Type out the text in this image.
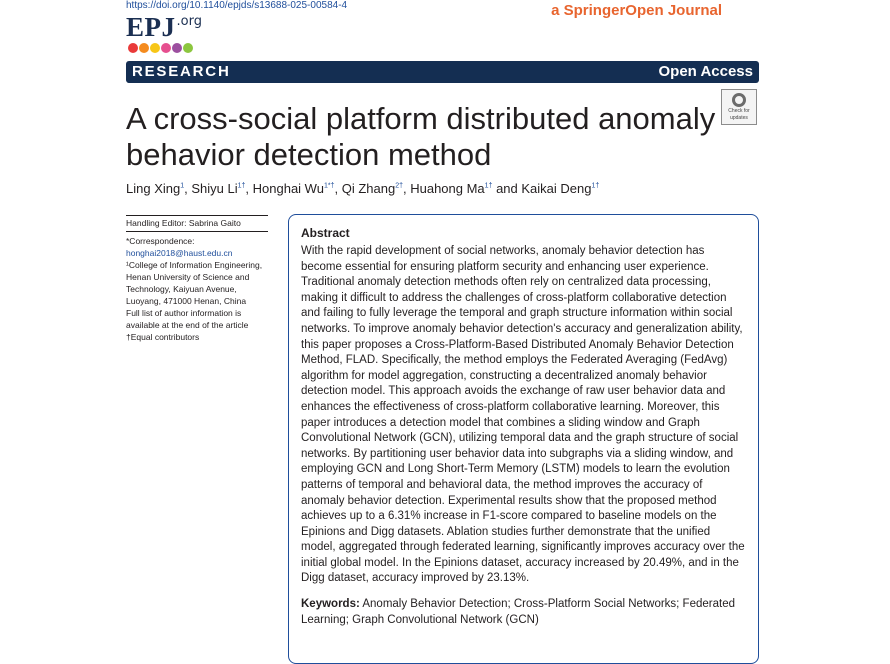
https://doi.org/10.1140/epjds/s13688-025-00584-4
$EPJ^{.org}$
a SpringerOpen Journal
RESEARCH	Open Access
Check for
updates
A cross-social platform distributed anomaly behavior detection method
Ling Xing$^1$, Shiyu $Li^{1\dagger}$, Honghai $Wu^{1*\dagger}$, Qi Zhang$^{2\dagger}$, Huahong $Ma^{1\dagger}$ and Kaikai Deng$^{1\dagger}$
Handling Editor: Sabrina Gaito
*Correspondence:
honghai2018@haust.edu.cn
¹College of Information Engineering, Henan University of Science and Technology, Kaiyuan Avenue, Luoyang, 471000 Henan, China
Full list of author information is available at the end of the article
†Equal contributors
Abstract

With the rapid development of social networks, anomaly behavior detection has become essential for ensuring platform security and enhancing user experience. Traditional anomaly detection methods often rely on centralized data processing, making it difficult to address the challenges of cross-platform collaborative detection and failing to fully leverage the temporal and graph structure information within social networks. To improve anomaly behavior detection's accuracy and generalization ability, this paper proposes a Cross-Platform-Based Distributed Anomaly Behavior Detection Method, FLAD. Specifically, the method employs the Federated Averaging (FedAvg) algorithm for model aggregation, constructing a decentralized anomaly behavior detection model. This approach avoids the exchange of raw user behavior data and enhances the effectiveness of cross-platform collaborative learning. Moreover, this paper introduces a detection model that combines a sliding window and Graph Convolutional Network (GCN), utilizing temporal data and the graph structure of social networks. By partitioning user behavior data into subgraphs via a sliding window, and employing GCN and Long Short-Term Memory (LSTM) models to learn the evolution patterns of temporal and behavioral data, the method improves the accuracy of anomaly behavior detection. Experimental results show that the proposed method achieves up to a 6.31% increase in F1-score compared to baseline models on the Epinions and Digg datasets. Ablation studies further demonstrate that the unified model, aggregated through federated learning, significantly improves accuracy over the initial global model. In the Epinions dataset, accuracy increased by 20.49%, and in the Digg dataset, accuracy improved by 23.13%.

Keywords: Anomaly Behavior Detection; Cross-Platform Social Networks; Federated Learning; Graph Convolutional Network (GCN)
